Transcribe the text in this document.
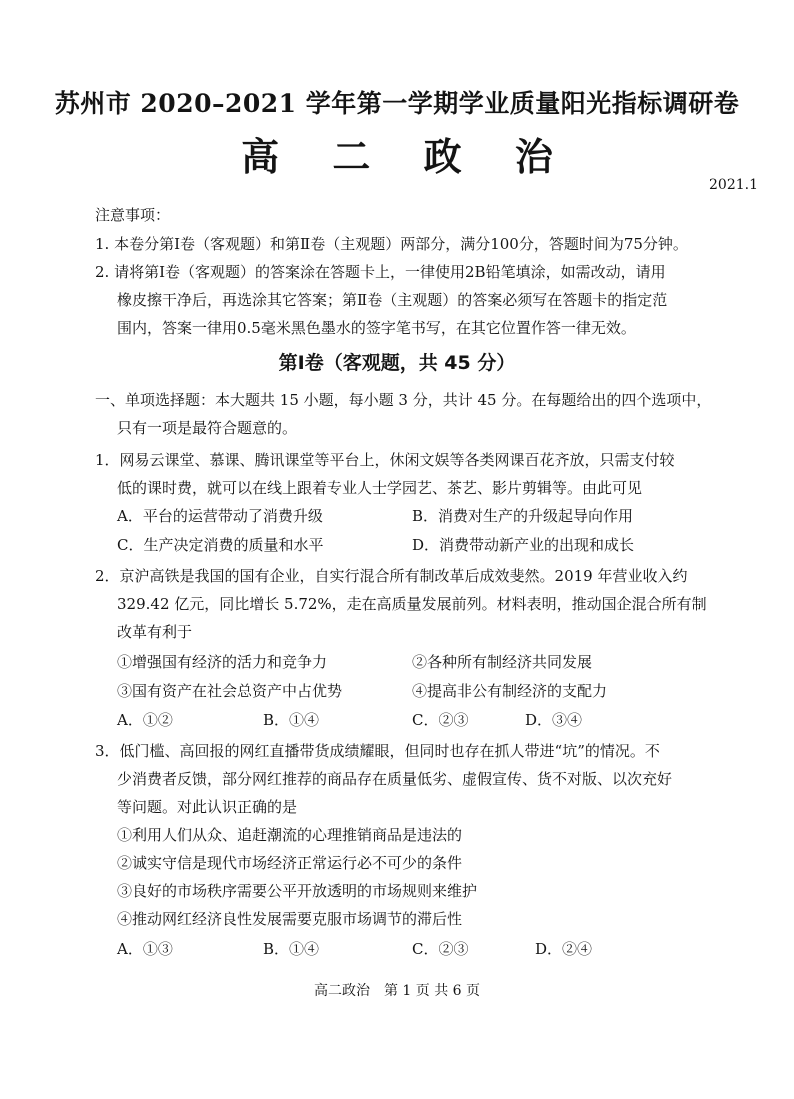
苏州市 2020–2021 学年第一学期学业质量阳光指标调研卷
高 二 政 治
2021.1
注意事项：
1. 本卷分第Ⅰ卷（客观题）和第Ⅱ卷（主观题）两部分，满分100分，答题时间为75分钟。
2. 请将第Ⅰ卷（客观题）的答案涂在答题卡上，一律使用2B铅笔填涂，如需改动，请用
橡皮擦干净后，再选涂其它答案；第Ⅱ卷（主观题）的答案必须写在答题卡的指定范
围内，答案一律用0.5毫米黑色墨水的签字笔书写，在其它位置作答一律无效。
第Ⅰ卷（客观题，共 45 分）
一、单项选择题：本大题共 15 小题，每小题 3 分，共计 45 分。在每题给出的四个选项中，
只有一项是最符合题意的。
1．网易云课堂、慕课、腾讯课堂等平台上，休闲文娱等各类网课百花齐放，只需支付较
低的课时费，就可以在线上跟着专业人士学园艺、茶艺、影片剪辑等。由此可见
A．平台的运营带动了消费升级	B．消费对生产的升级起导向作用
C．生产决定消费的质量和水平	D．消费带动新产业的出现和成长
2．京沪高铁是我国的国有企业，自实行混合所有制改革后成效斐然。2019 年营业收入约
329.42 亿元，同比增长 5.72%，走在高质量发展前列。材料表明，推动国企混合所有制
改革有利于
①增强国有经济的活力和竞争力	②各种所有制经济共同发展
③国有资产在社会总资产中占优势	④提高非公有制经济的支配力
A．①②	B．①④	C．②③	D．③④
3．低门槛、高回报的网红直播带货成绩耀眼，但同时也存在抓人带进“坑”的情况。不
少消费者反馈，部分网红推荐的商品存在质量低劣、虚假宣传、货不对版、以次充好
等问题。对此认识正确的是
①利用人们从众、追赶潮流的心理推销商品是违法的
②诚实守信是现代市场经济正常运行必不可少的条件
③良好的市场秩序需要公平开放透明的市场规则来维护
④推动网红经济良性发展需要克服市场调节的滞后性
A．①③	B．①④	C．②③	D．②④
高二政治　第 1 页 共 6 页
